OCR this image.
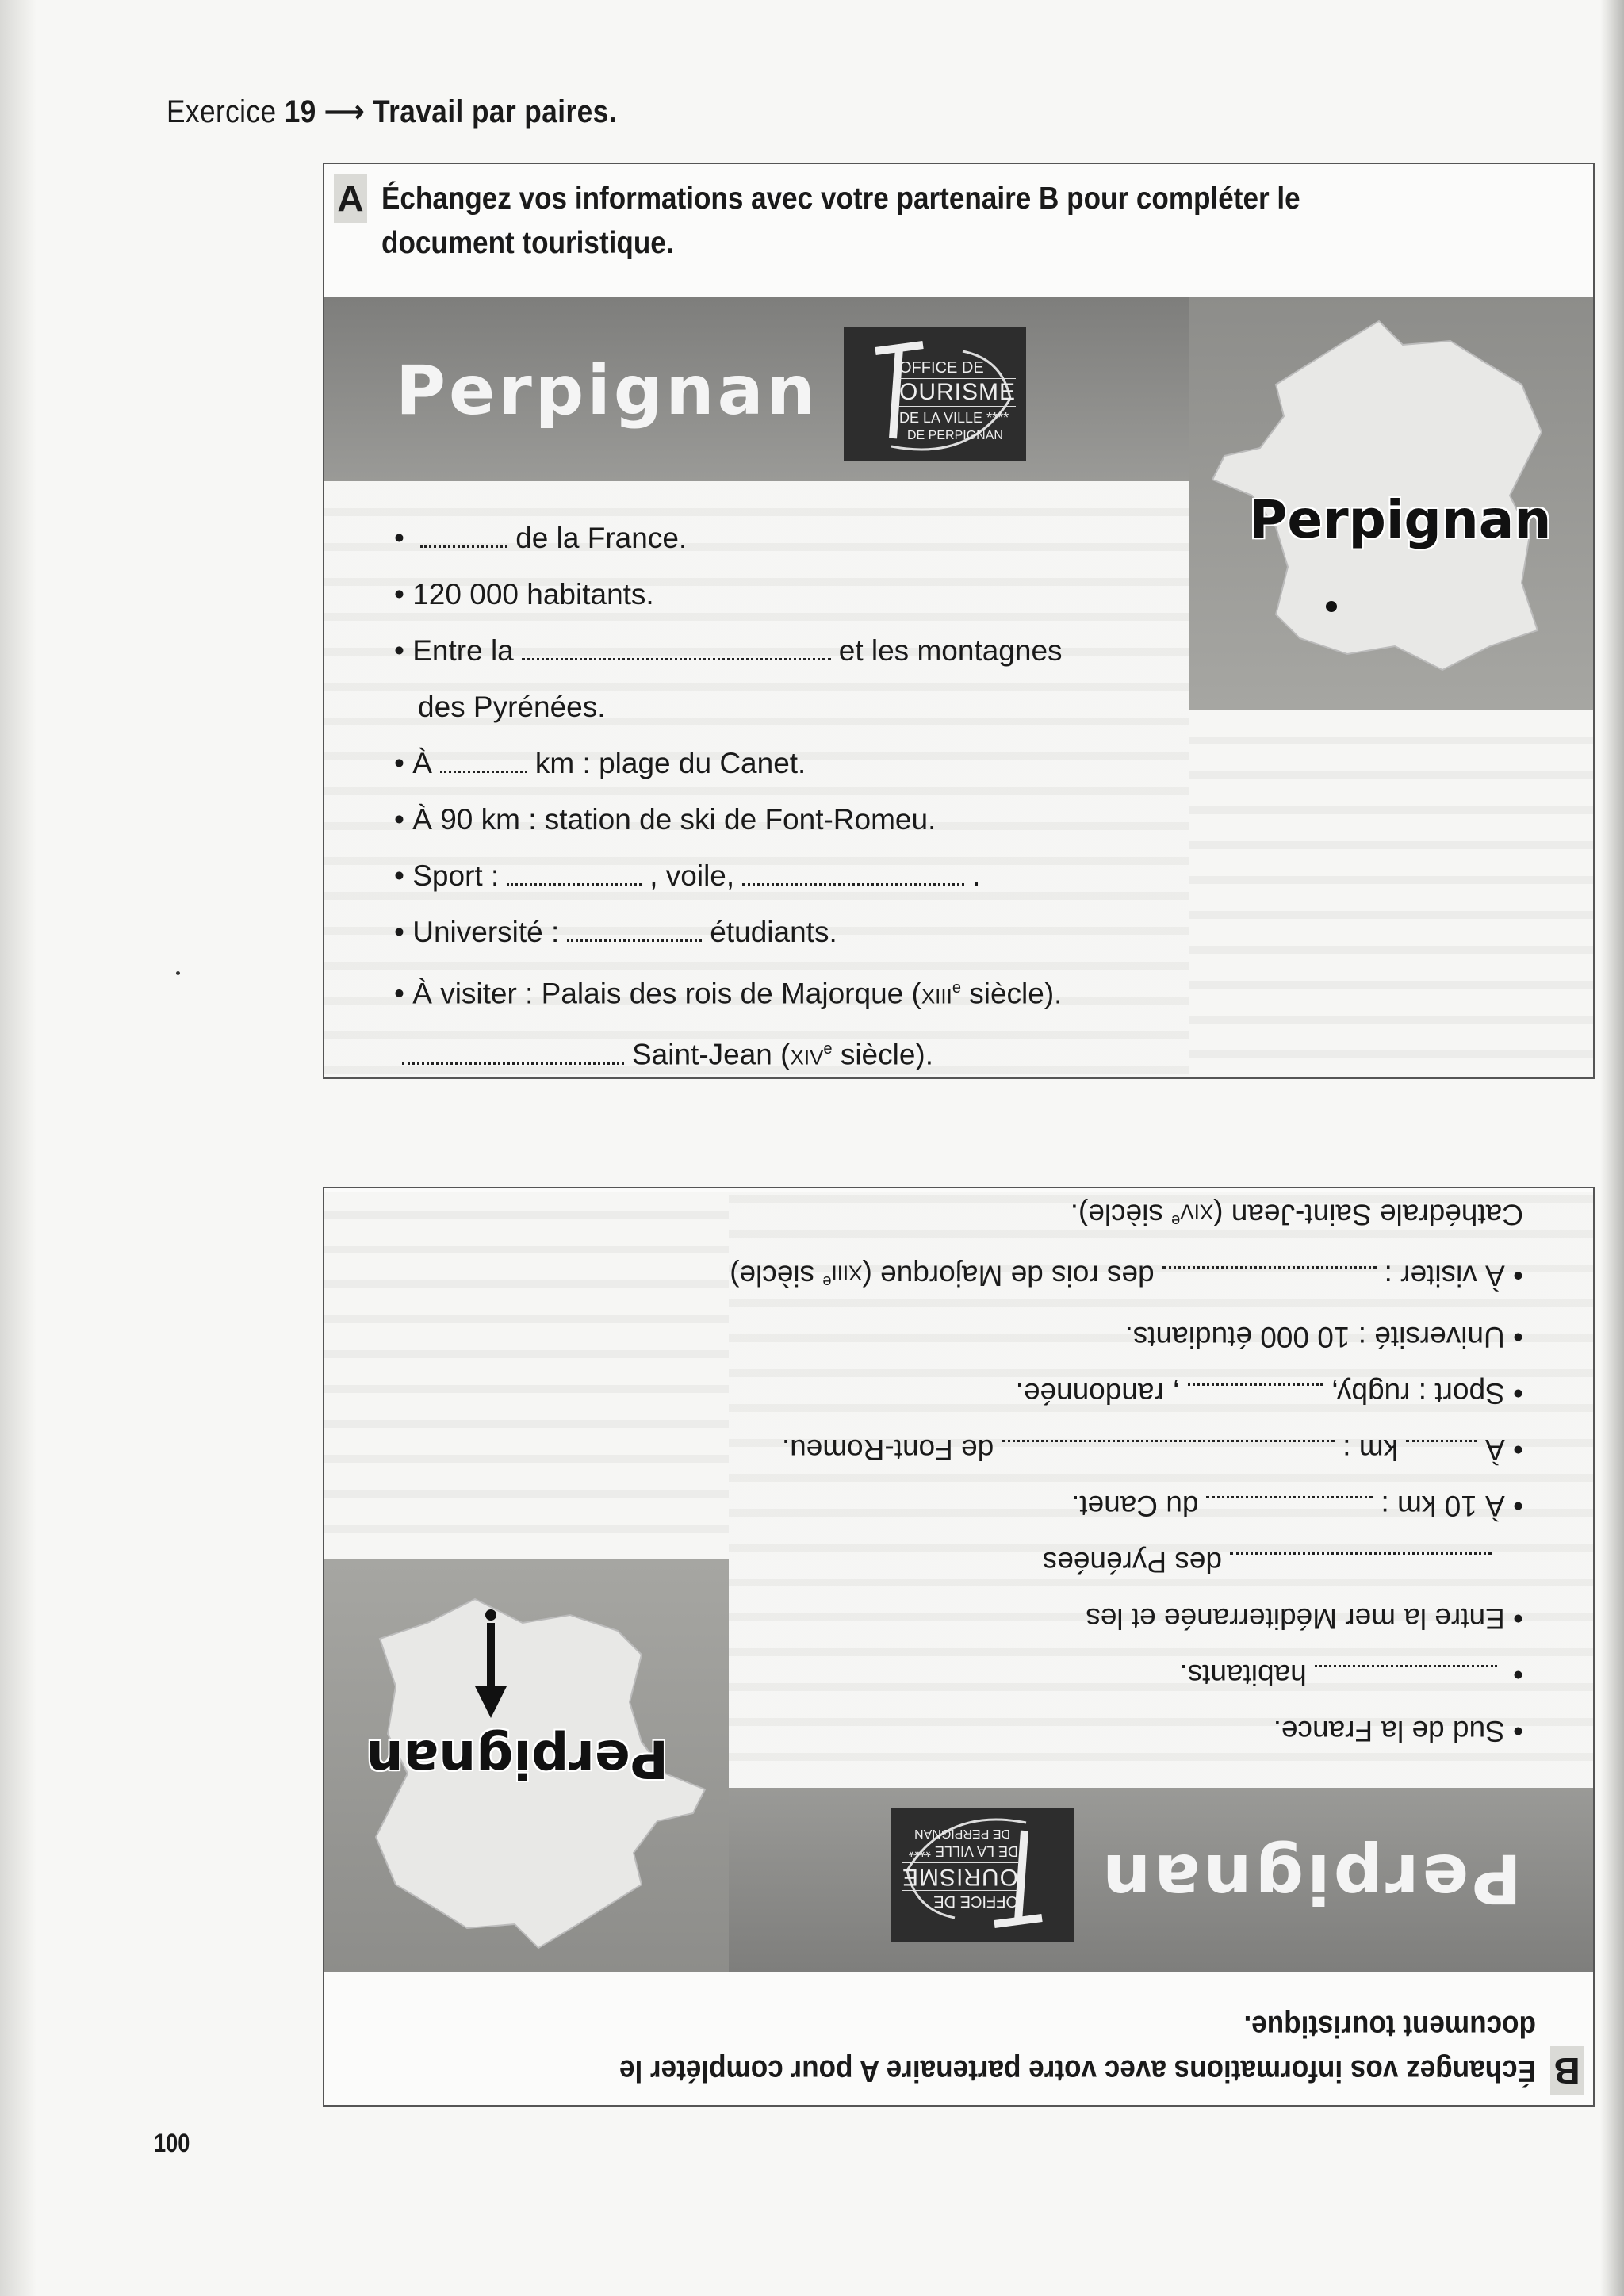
Exercice 19 ⟶ Travail par paires.
A Échangez vos informations avec votre partenaire B pour compléter le document touristique.
Perpignan	OFFICE DE
OURISME
DE LA VILLE ****
DE PERPIGNAN
Perpignan
•	de la France.
• 120 000 habitants.
• Entre la	et les montagnes
des Pyrénées.
• À	km : plage du Canet.
• À 90 km : station de ski de Font-Romeu.
• Sport :	, voile,	.
• Université :	étudiants.
• À visiter : Palais des rois de Majorque (xiii$^e$ siècle).
Saint-Jean (xiv$^e$ siècle).
B
Échangez vos informations avec votre partenaire A pour compléter le document touristique.
Perpignan
OFFICE DE
OURISME
DE LA VILLE ****
DE PERPIGNAN
Perpignan	• Sud de la France.
• habitants.
• Entre la mer Méditerranée et les
des Pyrénées
• À 10 km :du Canet.
• Àkm :de Font-Romeu.
• Sport : rugby,, randonnée.
• Université : 10 000 étudiants.
• À visiter :des rois de Majorque (xiii$^e$ siècle)
Cathédrale Saint-Jean (xiv$^e$ siècle).
100
